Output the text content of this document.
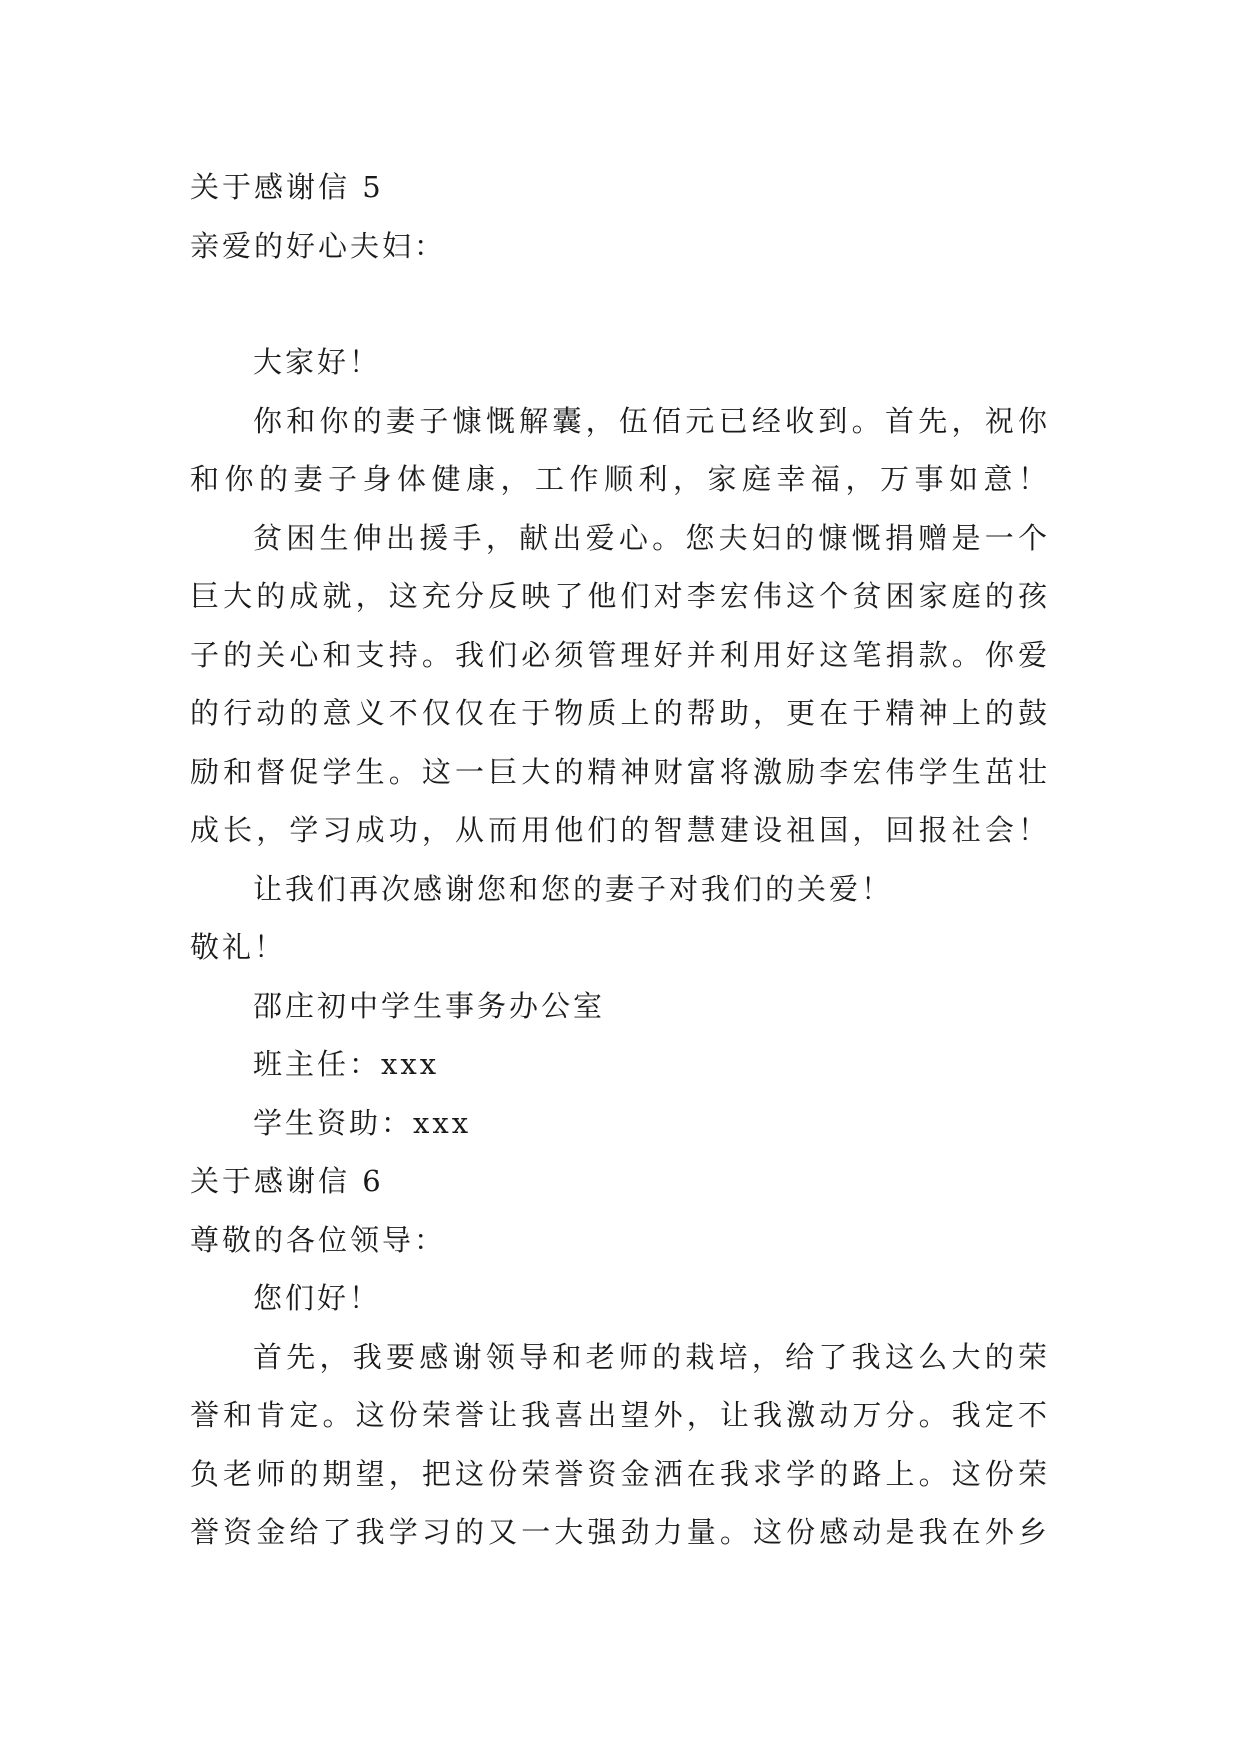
关于感谢信 5
亲爱的好心夫妇：
大家好！
你和你的妻子慷慨解囊，伍佰元已经收到。首先，祝你
和你的妻子身体健康，工作顺利，家庭幸福，万事如意！
贫困生伸出援手，献出爱心。您夫妇的慷慨捐赠是一个
巨大的成就，这充分反映了他们对李宏伟这个贫困家庭的孩
子的关心和支持。我们必须管理好并利用好这笔捐款。你爱
的行动的意义不仅仅在于物质上的帮助，更在于精神上的鼓
励和督促学生。这一巨大的精神财富将激励李宏伟学生茁壮
成长，学习成功，从而用他们的智慧建设祖国，回报社会！
让我们再次感谢您和您的妻子对我们的关爱！
敬礼！
邵庄初中学生事务办公室
班主任：xxx
学生资助：xxx
关于感谢信 6
尊敬的各位领导：
您们好！
首先，我要感谢领导和老师的栽培，给了我这么大的荣
誉和肯定。这份荣誉让我喜出望外，让我激动万分。我定不
负老师的期望，把这份荣誉资金洒在我求学的路上。这份荣
誉资金给了我学习的又一大强劲力量。这份感动是我在外乡
